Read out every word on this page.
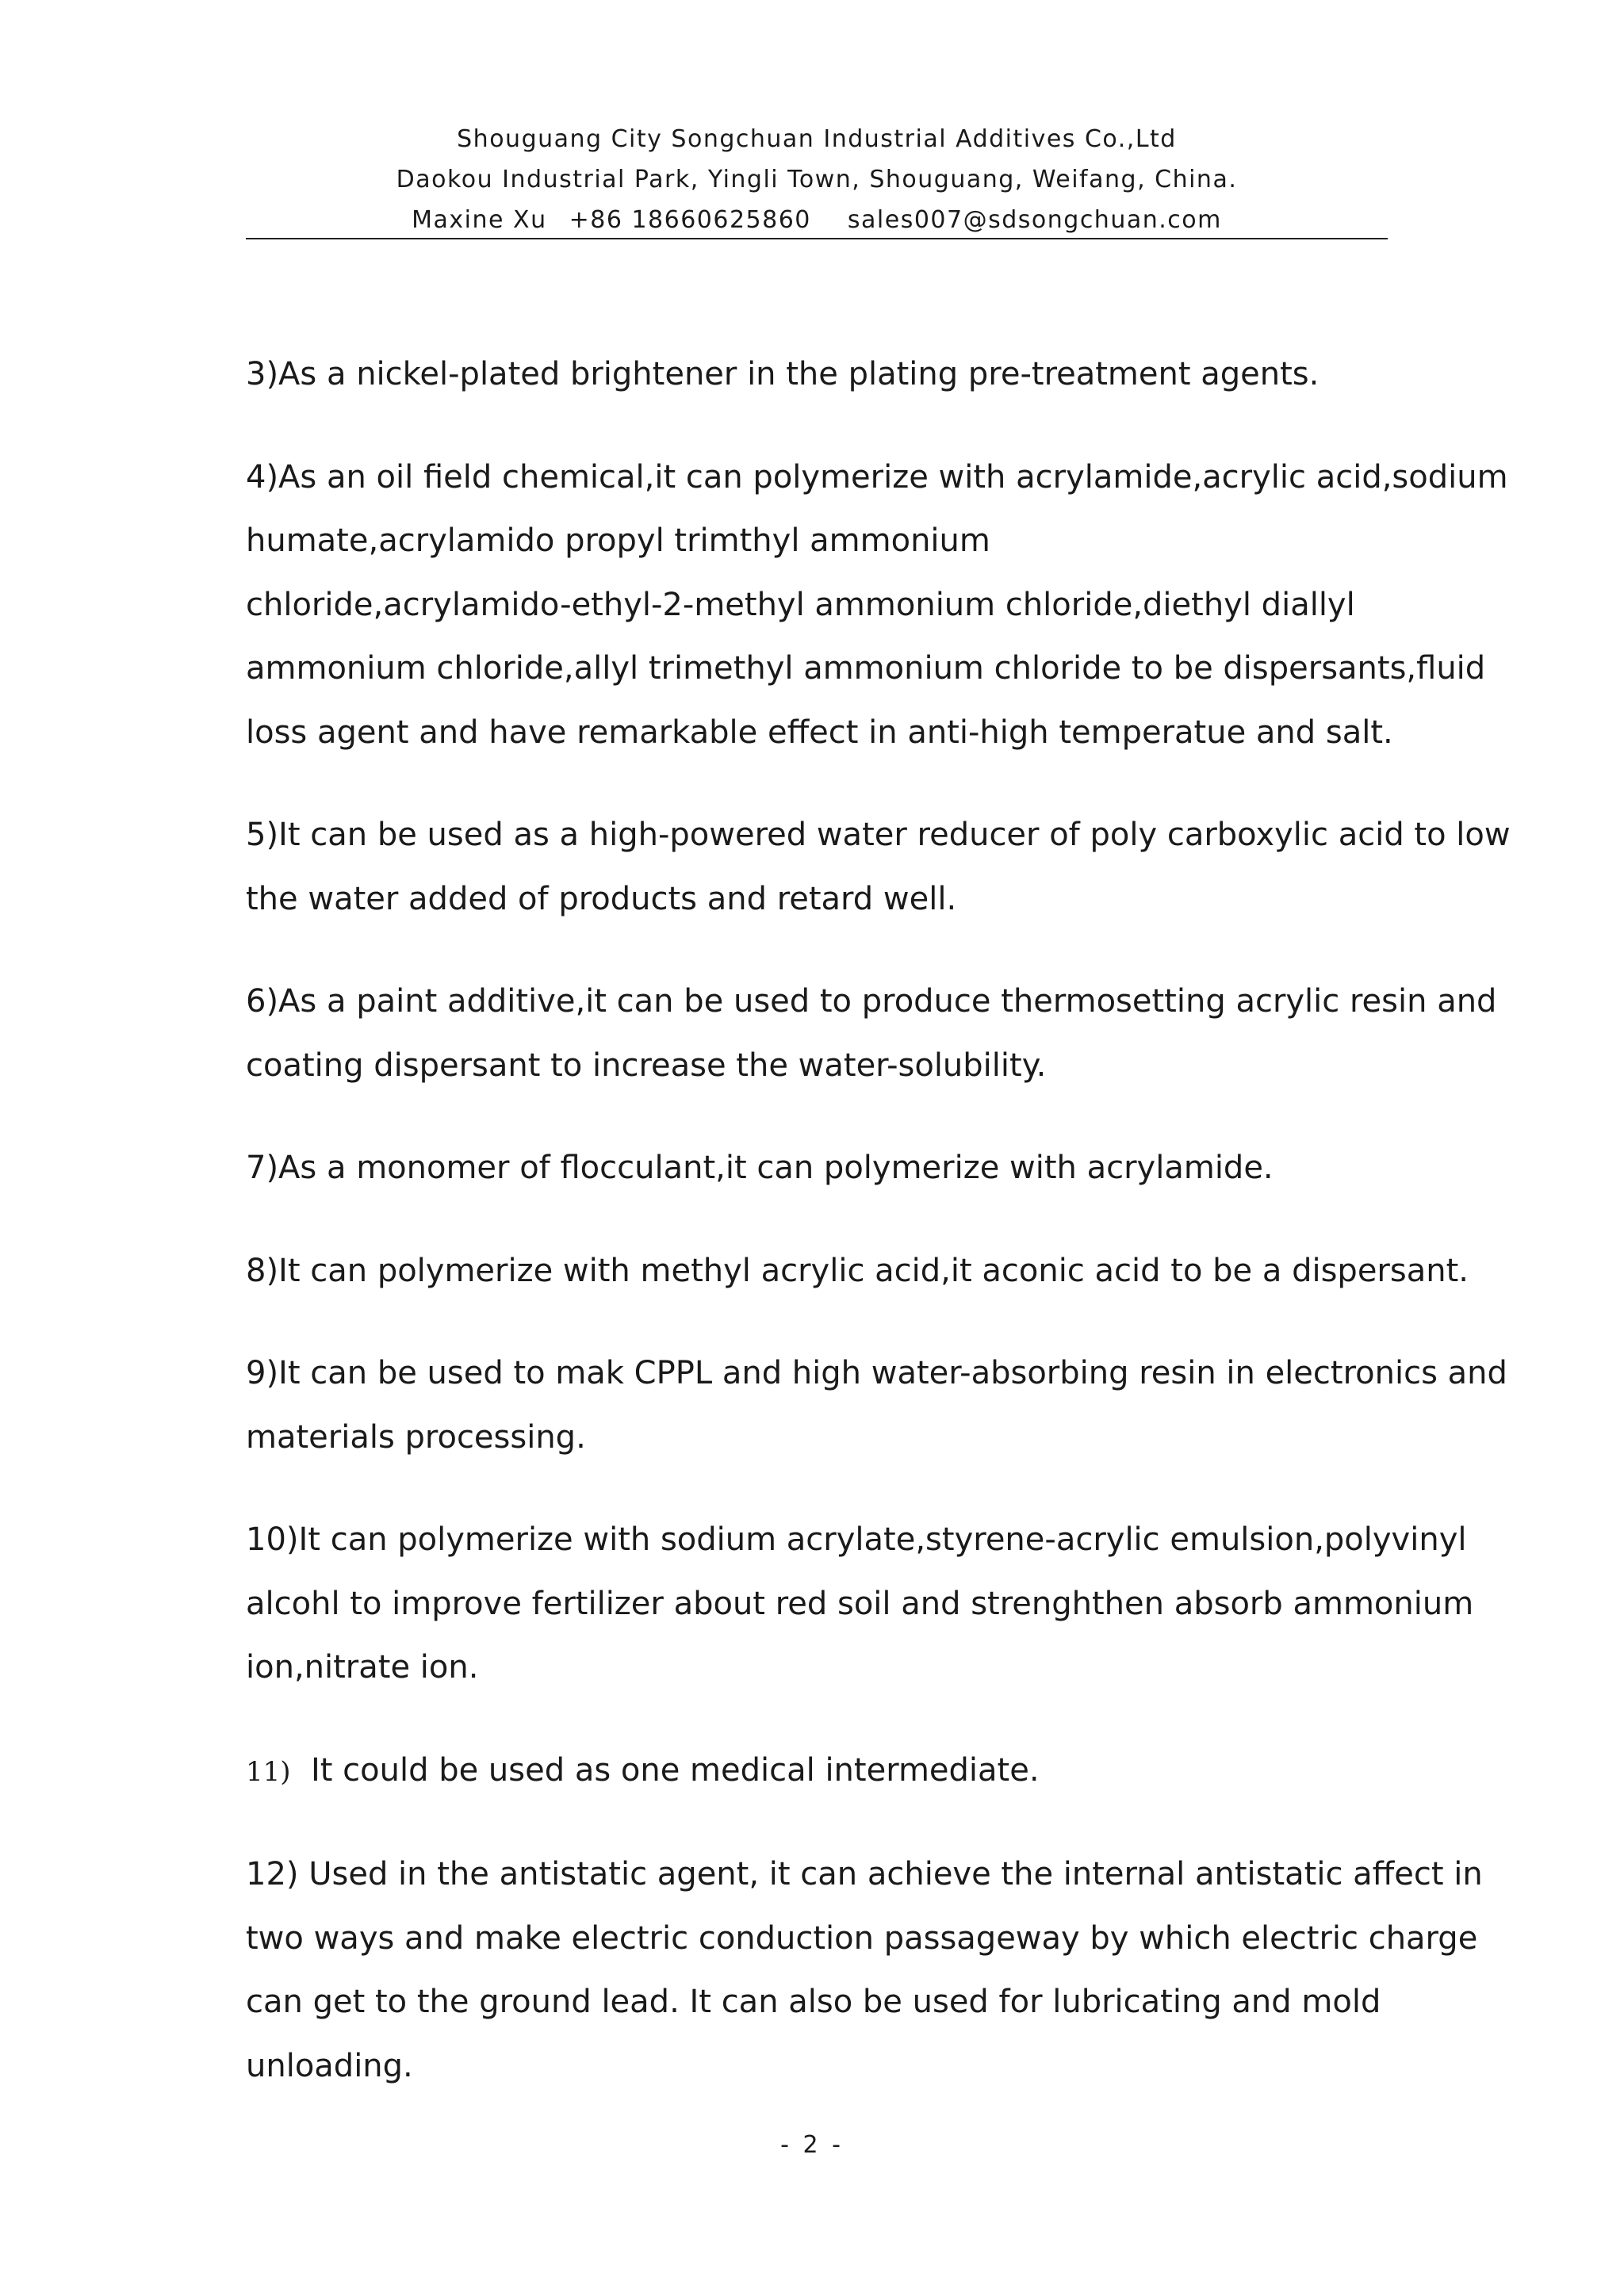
Shouguang City Songchuan Industrial Additives Co.,Ltd
Daokou Industrial Park, Yingli Town, Shouguang, Weifang, China.
Maxine Xu +86 18660625860 sales007@sdsongchuan.com

3)As a nickel-plated brightener in the plating pre-treatment agents.

4)As an oil field chemical,it can polymerize with acrylamide,acrylic acid,sodium
humate,acrylamido propyl trimthyl ammonium
chloride,acrylamido-ethyl-2-methyl ammonium chloride,diethyl diallyl
ammonium chloride,allyl trimethyl ammonium chloride to be dispersants,fluid
loss agent and have remarkable effect in anti-high temperatue and salt.

5)It can be used as a high-powered water reducer of poly carboxylic acid to low
the water added of products and retard well.

6)As a paint additive,it can be used to produce thermosetting acrylic resin and
coating dispersant to increase the water-solubility.

7)As a monomer of flocculant,it can polymerize with acrylamide.

8)It can polymerize with methyl acrylic acid,it aconic acid to be a dispersant.

9)It can be used to mak CPPL and high water-absorbing resin in electronics and
materials processing.

10)It can polymerize with sodium acrylate,styrene-acrylic emulsion,polyvinyl
alcohl to improve fertilizer about red soil and strenghthen absorb ammonium
ion,nitrate ion.

11) It could be used as one medical intermediate.

12) Used in the antistatic agent, it can achieve the internal antistatic affect in
two ways and make electric conduction passageway by which electric charge
can get to the ground lead. It can also be used for lubricating and mold
unloading.

- 2 -
